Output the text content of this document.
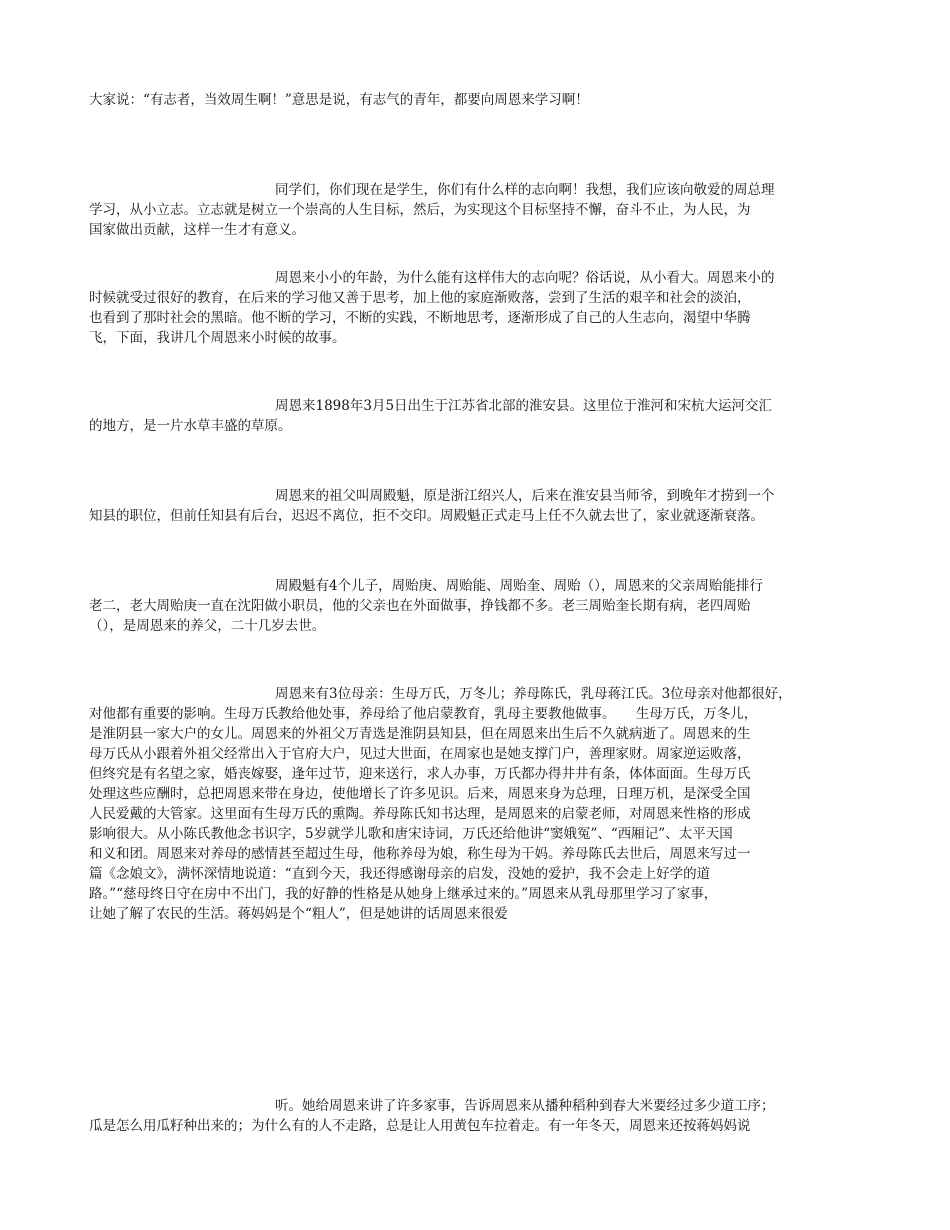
大家说：“有志者，当效周生啊！”意思是说，有志气的青年，都要向周恩来学习啊！
同学们，你们现在是学生，你们有什么样的志向啊！我想，我们应该向敬爱的周总理
学习，从小立志。立志就是树立一个崇高的人生目标，然后，为实现这个目标坚持不懈，奋斗不止，为人民，为
国家做出贡献，这样一生才有意义。
周恩来小小的年龄，为什么能有这样伟大的志向呢？俗话说，从小看大。周恩来小的
时候就受过很好的教育，在后来的学习他又善于思考，加上他的家庭渐败落，尝到了生活的艰辛和社会的淡泊，
也看到了那时社会的黑暗。他不断的学习，不断的实践，不断地思考，逐渐形成了自己的人生志向，渴望中华腾
飞，下面，我讲几个周恩来小时候的故事。
周恩来1898年3月5日出生于江苏省北部的淮安县。这里位于淮河和宋杭大运河交汇
的地方，是一片水草丰盛的草原。
周恩来的祖父叫周殿魁，原是浙江绍兴人，后来在淮安县当师爷，到晚年才捞到一个
知县的职位，但前任知县有后台，迟迟不离位，拒不交印。周殿魁正式走马上任不久就去世了，家业就逐渐衰落。
周殿魁有4个儿子，周贻庚、周贻能、周贻奎、周贻（），周恩来的父亲周贻能排行
老二，老大周贻庚一直在沈阳做小职员，他的父亲也在外面做事，挣钱都不多。老三周贻奎长期有病，老四周贻
（），是周恩来的养父，二十几岁去世。
周恩来有3位母亲：生母万氏，万冬儿；养母陈氏，乳母蒋江氏。3位母亲对他都很好，
对他都有重要的影响。生母万氏教给他处事，养母给了他启蒙教育，乳母主要教他做事。　　生母万氏，万冬儿，
是淮阴县一家大户的女儿。周恩来的外祖父万青选是淮阴县知县，但在周恩来出生后不久就病逝了。周恩来的生
母万氏从小跟着外祖父经常出入于官府大户，见过大世面，在周家也是她支撑门户，善理家财。周家逆运败落，
但终究是有名望之家，婚丧嫁娶，逢年过节，迎来送行，求人办事，万氏都办得井井有条，体体面面。生母万氏
处理这些应酬时，总把周恩来带在身边，使他增长了许多见识。后来，周恩来身为总理，日理万机，是深受全国
人民爱戴的大管家。这里面有生母万氏的熏陶。养母陈氏知书达理，是周恩来的启蒙老师，对周恩来性格的形成
影响很大。从小陈氏教他念书识字，5岁就学儿歌和唐宋诗词，万氏还给他讲“窦娥冤”、“西厢记”、太平天国
和义和团。周恩来对养母的感情甚至超过生母，他称养母为娘，称生母为干妈。养母陈氏去世后，周恩来写过一
篇《念娘文》，满怀深情地说道：“直到今天，我还得感谢母亲的启发，没她的爱护，我不会走上好学的道
路。”“慈母终日守在房中不出门，我的好静的性格是从她身上继承过来的。”周恩来从乳母那里学习了家事，
让她了解了农民的生活。蒋妈妈是个“粗人”，但是她讲的话周恩来很爱
听。她给周恩来讲了许多家事，告诉周恩来从播种稻种到春大米要经过多少道工序；
瓜是怎么用瓜籽种出来的；为什么有的人不走路，总是让人用黄包车拉着走。有一年冬天，周恩来还按蒋妈妈说
